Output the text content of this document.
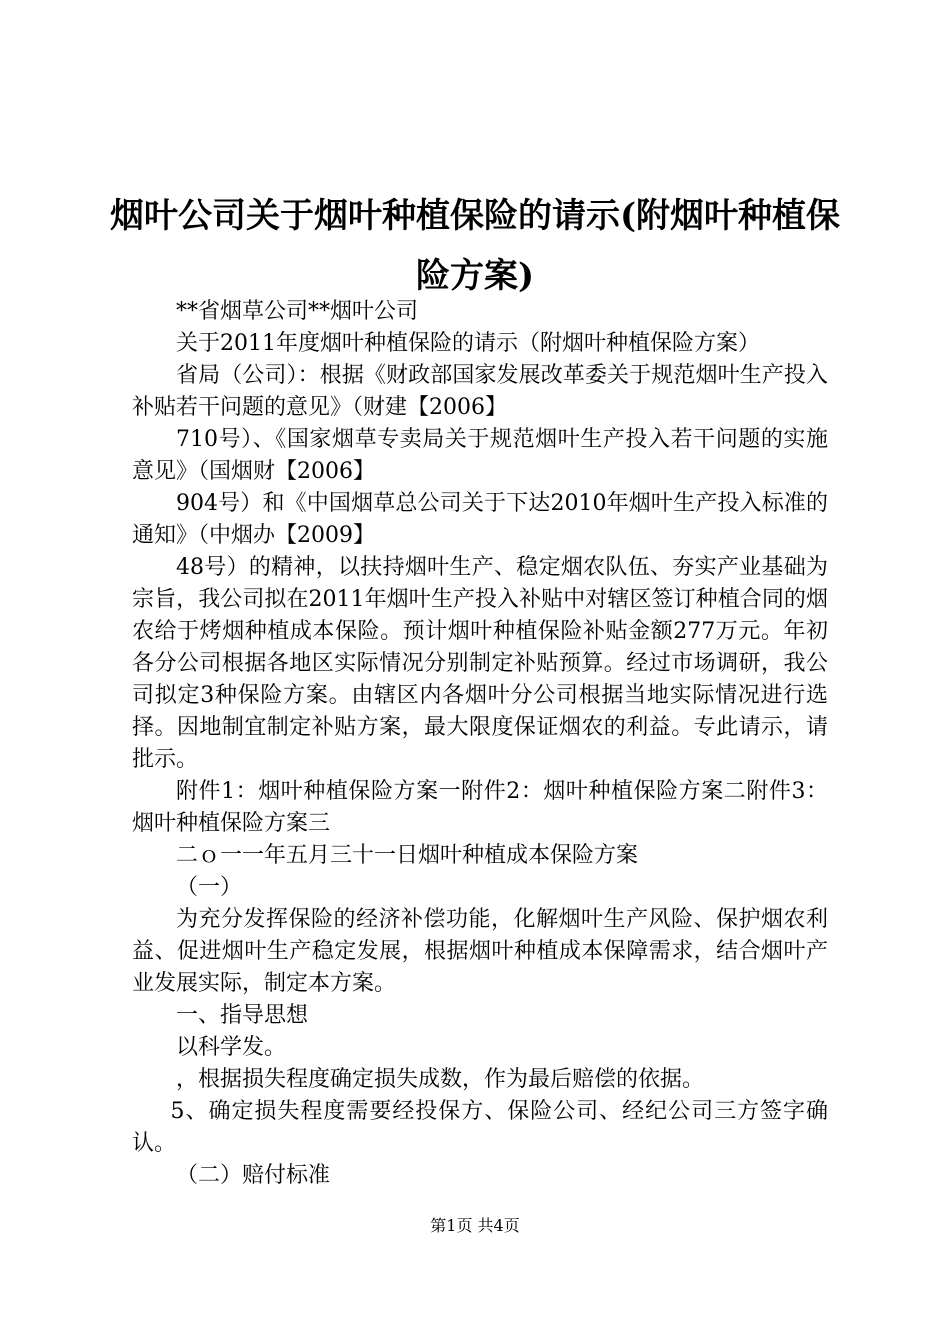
烟叶公司关于烟叶种植保险的请示(附烟叶种植保险方案)

**省烟草公司**烟叶公司

关于2011年度烟叶种植保险的请示（附烟叶种植保险方案）

省局（公司）：根据《财政部国家发展改革委关于规范烟叶生产投入补贴若干问题的意见》（财建【2006】

710号）、《国家烟草专卖局关于规范烟叶生产投入若干问题的实施意见》（国烟财【2006】

904号）和《中国烟草总公司关于下达2010年烟叶生产投入标准的通知》（中烟办【2009】

48号）的精神，以扶持烟叶生产、稳定烟农队伍、夯实产业基础为宗旨，我公司拟在2011年烟叶生产投入补贴中对辖区签订种植合同的烟农给于烤烟种植成本保险。预计烟叶种植保险补贴金额277万元。年初各分公司根据各地区实际情况分别制定补贴预算。经过市场调研，我公司拟定3种保险方案。由辖区内各烟叶分公司根据当地实际情况进行选择。因地制宜制定补贴方案，最大限度保证烟农的利益。专此请示，请批示。

附件1：烟叶种植保险方案一附件2：烟叶种植保险方案二附件3：烟叶种植保险方案三

二ｏ一一年五月三十一日烟叶种植成本保险方案

（一）

为充分发挥保险的经济补偿功能，化解烟叶生产风险、保护烟农利益、促进烟叶生产稳定发展，根据烟叶种植成本保障需求，结合烟叶产业发展实际，制定本方案。

一、指导思想

以科学发。

，根据损失程度确定损失成数，作为最后赔偿的依据。

5、确定损失程度需要经投保方、保险公司、经纪公司三方签字确认。

（二）赔付标准

第1页 共4页
